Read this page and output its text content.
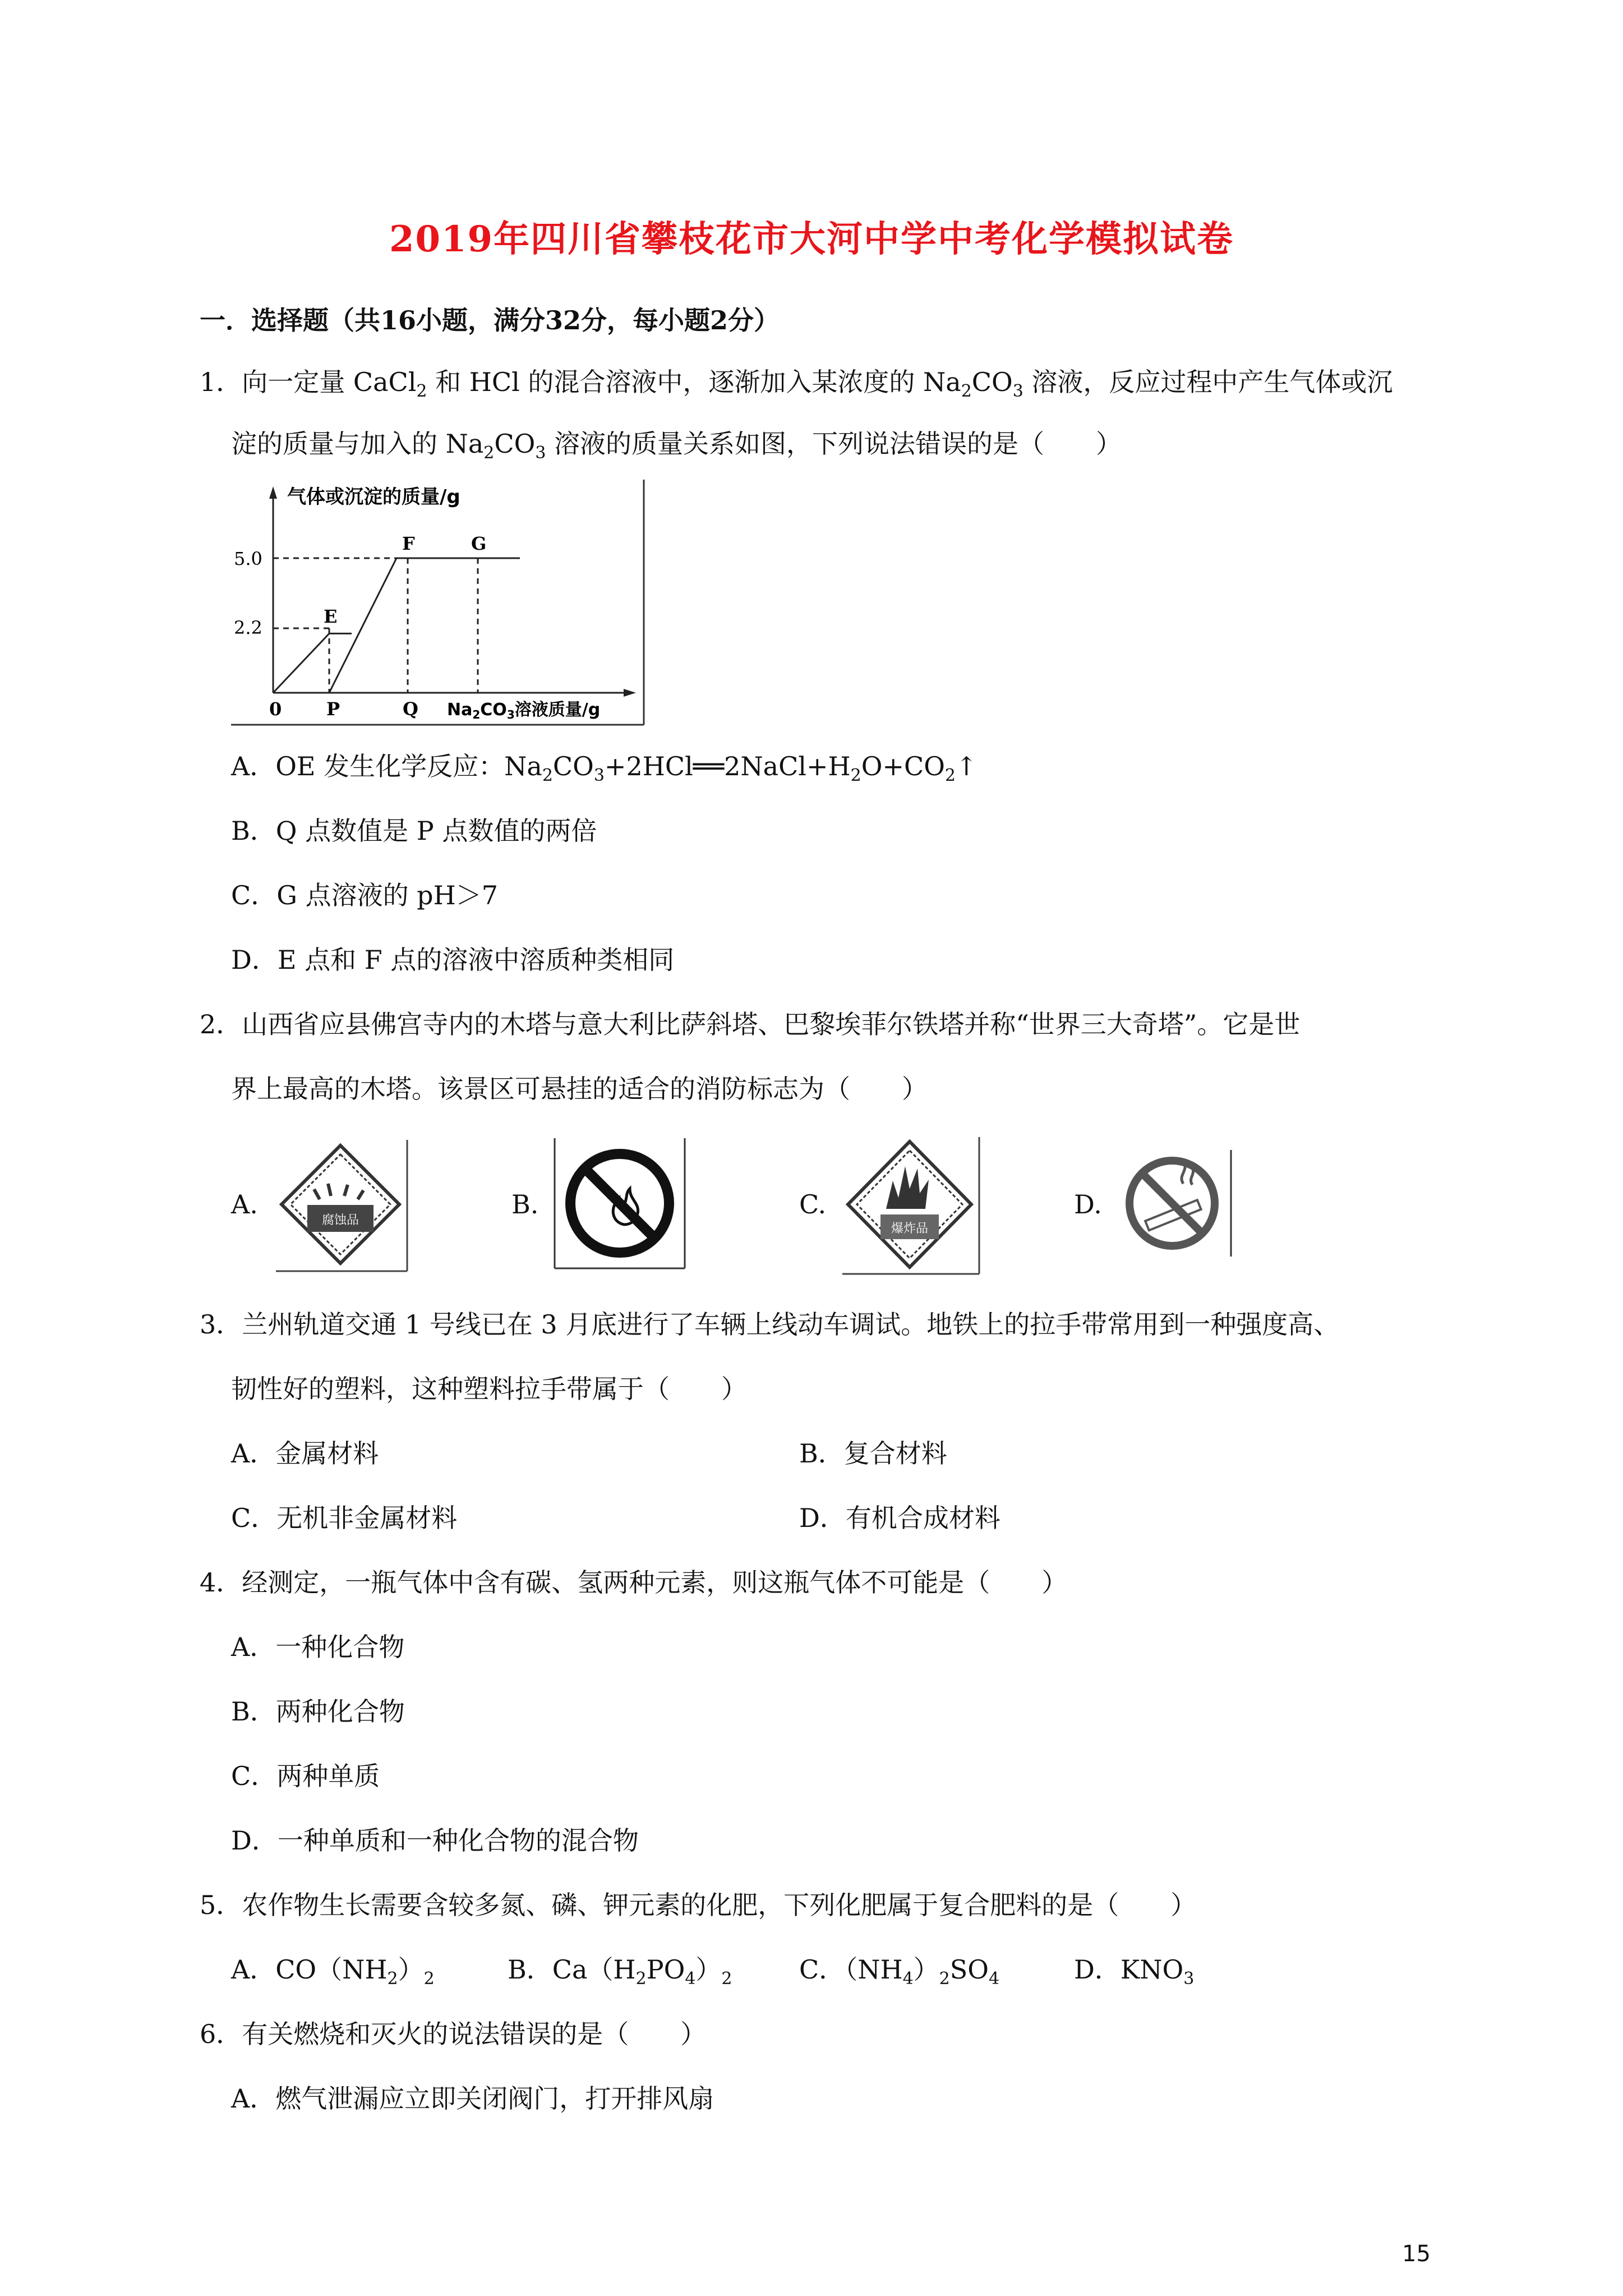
2019年四川省攀枝花市大河中学中考化学模拟试卷
一．选择题（共16小题，满分32分，每小题2分）
1．向一定量 CaCl$_2$ 和 HCl 的混合溶液中，逐渐加入某浓度的 $Na_2CO_3$ 溶液，反应过程中产生气体或沉
淀的质量与加入的 $Na_2CO_3$ 溶液的质量关系如图，下列说法错误的是（　　）
气体或沉淀的质量/g
5.0
2.2
0 P	Q $Na_2CO_3$溶液质量/g
E
F	G
A．OE 发生化学反应：$Na_2CO_3+2HCl══2NaCl+H_2O+CO_2↑$
B．Q 点数值是 P 点数值的两倍
C．G 点溶液的 pH＞7
D．E 点和 F 点的溶液中溶质种类相同
2．山西省应县佛宫寺内的木塔与意大利比萨斜塔、巴黎埃菲尔铁塔并称“世界三大奇塔”。它是世
界上最高的木塔。该景区可悬挂的适合的消防标志为（　　）
A.
腐蚀品
B.	C.
爆炸品
D.
3．兰州轨道交通 1 号线已在 3 月底进行了车辆上线动车调试。地铁上的拉手带常用到一种强度高、
韧性好的塑料，这种塑料拉手带属于（　　）
A．金属材料	B．复合材料
C．无机非金属材料	D．有机合成材料
4．经测定，一瓶气体中含有碳、氢两种元素，则这瓶气体不可能是（　　）
A．一种化合物
B．两种化合物
C．两种单质
D．一种单质和一种化合物的混合物
5．农作物生长需要含较多氮、磷、钾元素的化肥，下列化肥属于复合肥料的是（　　）
A．$CO(NH_2)_2$	B．$Ca(H_2PO_4)_2$	C．$(NH_4)_2SO_4$	D．$KNO_3$
6．有关燃烧和灭火的说法错误的是（　　）
A．燃气泄漏应立即关闭阀门，打开排风扇
15
